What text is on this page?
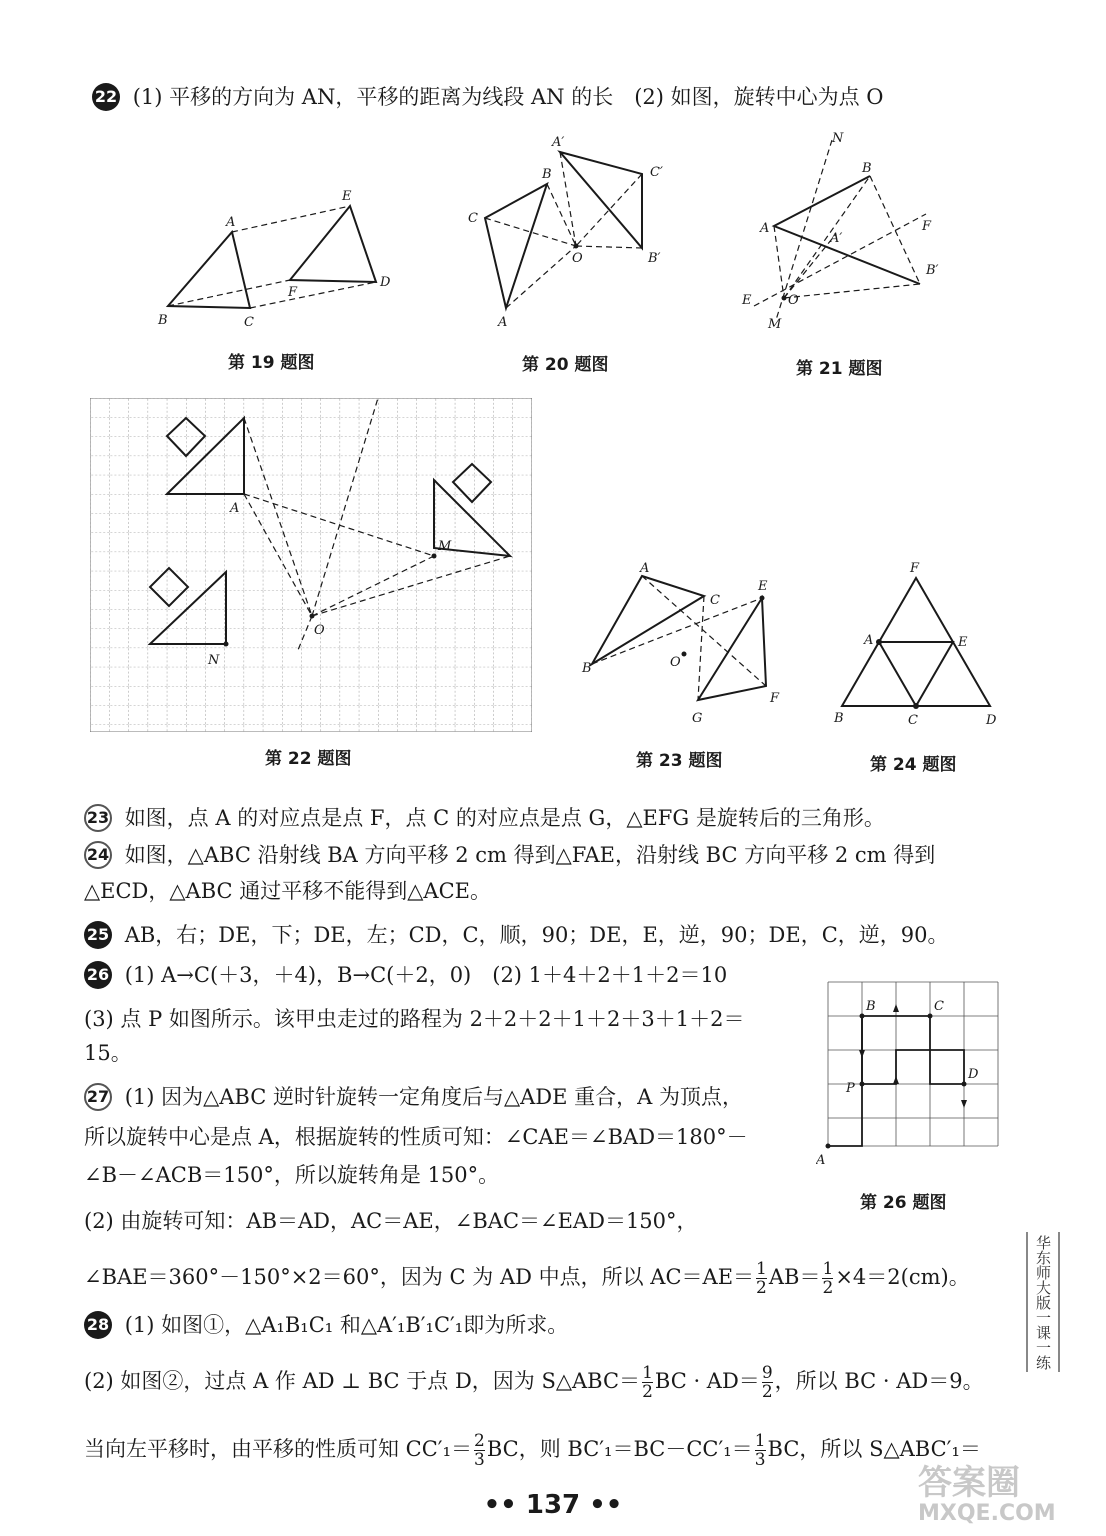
22 (1) 平移的方向为 AN，平移的距离为线段 AN 的长　(2) 如图，旋转中心为点 O
A
B	C
D
E
F
第 19 题图
A
B
C
O
A′
B′
C′
第 20 题图
A
B
E
F
M
N
O
A′
B′
第 21 题图
A
M
N
O
第 22 题图
A
B
C
E
F
G
O
第 23 题图
F
A	E
B	C	D
第 24 题图
23 如图，点 A 的对应点是点 F，点 C 的对应点是点 G，△EFG 是旋转后的三角形。
24 如图，△ABC 沿射线 BA 方向平移 2 cm 得到△FAE，沿射线 BC 方向平移 2 cm 得到
△ECD，△ABC 通过平移不能得到△ACE。
25 AB，右；DE，下；DE，左；CD，C，顺，90；DE，E，逆，90；DE，C，逆，90。
26 (1) A→C(＋3，＋4)，B→C(＋2，0)　(2) 1＋4＋2＋1＋2＝10
(3) 点 P 如图所示。该甲虫走过的路程为 2＋2＋2＋1＋2＋3＋1＋2＝
15。
A
B	C
D
P
第 26 题图
27 (1) 因为△ABC 逆时针旋转一定角度后与△ADE 重合，A 为顶点，
所以旋转中心是点 A，根据旋转的性质可知：∠CAE＝∠BAD＝180°－
∠B－∠ACB＝150°，所以旋转角是 150°。
(2) 由旋转可知：AB＝AD，AC＝AE，∠BAC＝∠EAD＝150°，
∠BAE＝360°－150°×2＝60°，因为 C 为 AD 中点，所以 $AC=AE= \frac{1}{2} AB= \frac{1}{2} \times 4=2(cm)$。
28 (1) 如图①，△A₁B₁C₁ 和△A′₁B′₁C′₁即为所求。
(2) 如图②，过点 A 作 AD ⊥ BC 于点 D，因为 S△ABC＝ $\frac{1}{2}$ BC · $AD= \frac{9}{2}$ ，所以 BC · AD＝9。
当向左平移时，由平移的性质可知 $CC'_1= \frac{2}{3}$ BC，则 $BC'_1=BC-CC'_1= \frac{1}{3}$ BC，所以 S△ABC′₁＝
华东师大版一课一练
•• 137 ••
答案圈
MXQE.COM
